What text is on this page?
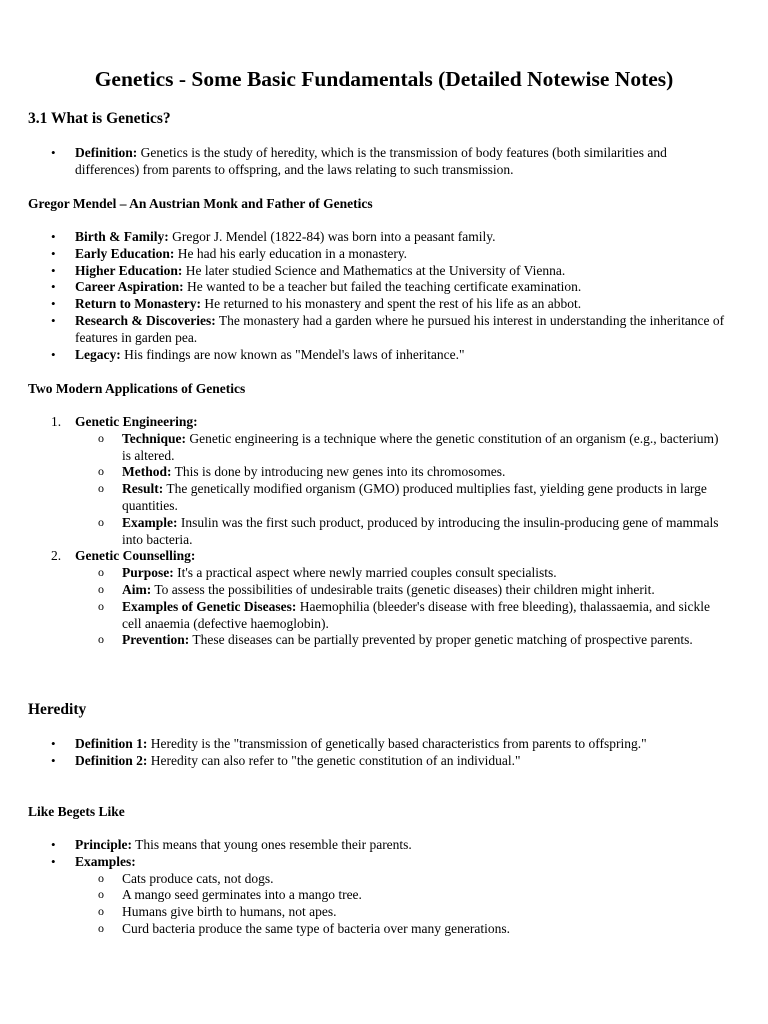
Genetics - Some Basic Fundamentals (Detailed Notewise Notes)
3.1 What is Genetics?
• Definition: Genetics is the study of heredity, which is the transmission of body features (both similarities and differences) from parents to offspring, and the laws relating to such transmission.
Gregor Mendel – An Austrian Monk and Father of Genetics
• Birth & Family: Gregor J. Mendel (1822-84) was born into a peasant family.
• Early Education: He had his early education in a monastery.
• Higher Education: He later studied Science and Mathematics at the University of Vienna.
• Career Aspiration: He wanted to be a teacher but failed the teaching certificate examination.
• Return to Monastery: He returned to his monastery and spent the rest of his life as an abbot.
• Research & Discoveries: The monastery had a garden where he pursued his interest in understanding the inheritance of features in garden pea.
• Legacy: His findings are now known as "Mendel's laws of inheritance."
Two Modern Applications of Genetics
1. Genetic Engineering:
o Technique: Genetic engineering is a technique where the genetic constitution of an organism (e.g., bacterium) is altered.
o Method: This is done by introducing new genes into its chromosomes.
o Result: The genetically modified organism (GMO) produced multiplies fast, yielding gene products in large quantities.
o Example: Insulin was the first such product, produced by introducing the insulin-producing gene of mammals into bacteria.
2. Genetic Counselling:
o Purpose: It's a practical aspect where newly married couples consult specialists.
o Aim: To assess the possibilities of undesirable traits (genetic diseases) their children might inherit.
o Examples of Genetic Diseases: Haemophilia (bleeder's disease with free bleeding), thalassaemia, and sickle cell anaemia (defective haemoglobin).
o Prevention: These diseases can be partially prevented by proper genetic matching of prospective parents.
Heredity
• Definition 1: Heredity is the "transmission of genetically based characteristics from parents to offspring."
• Definition 2: Heredity can also refer to "the genetic constitution of an individual."
Like Begets Like
• Principle: This means that young ones resemble their parents.
• Examples:
o Cats produce cats, not dogs.
o A mango seed germinates into a mango tree.
o Humans give birth to humans, not apes.
o Curd bacteria produce the same type of bacteria over many generations.
